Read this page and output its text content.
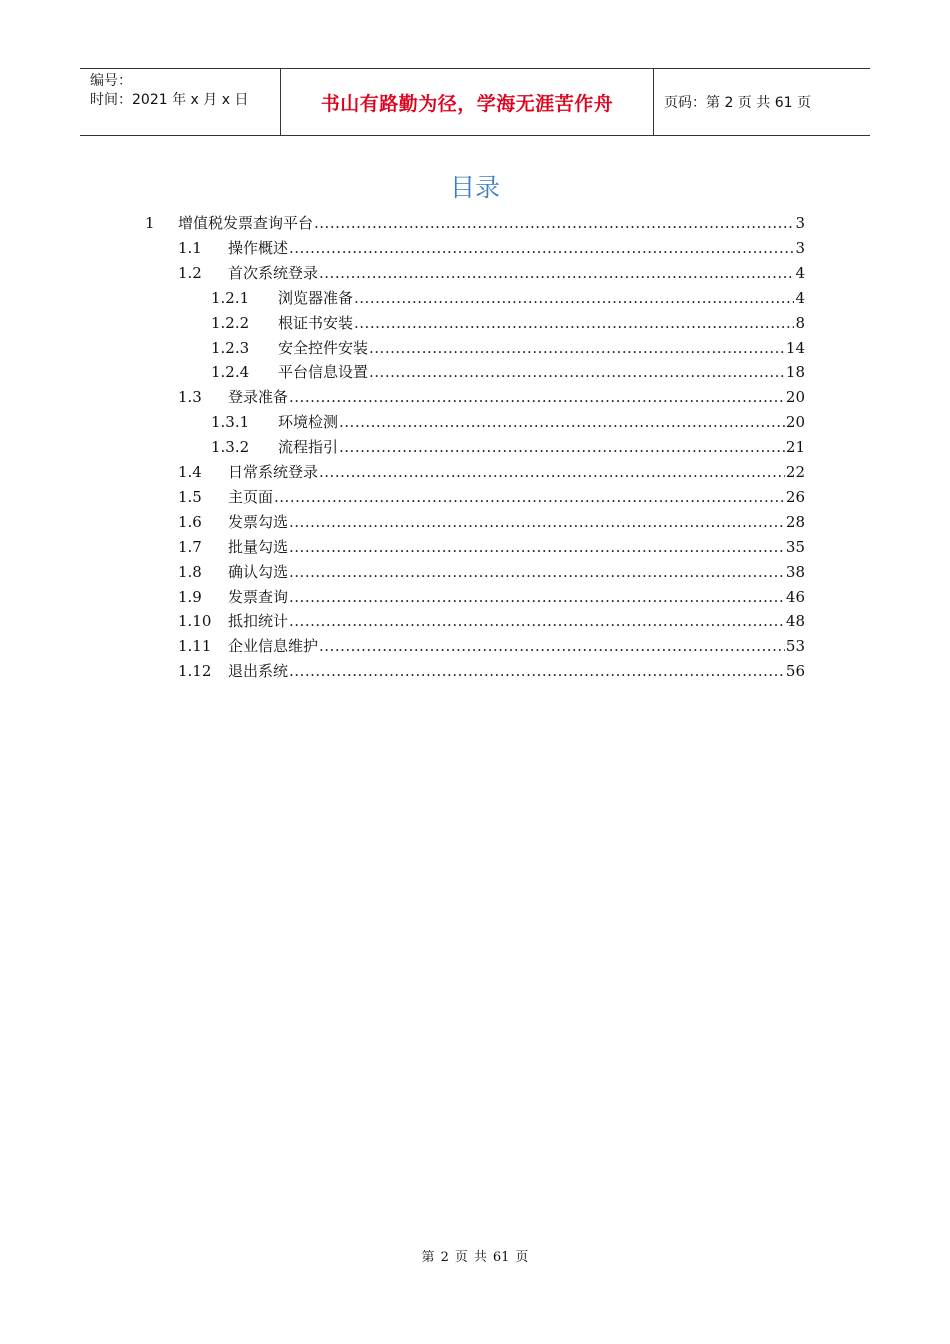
编号：
时间：2021 年 x 月 x 日	书山有路勤为径，学海无涯苦作舟	页码：第 2 页 共 61 页
目录
1	增值税发票查询平台 .....	3
1.1	操作概述 .....	3
1.2	首次系统登录 .....	4
1.2.1	浏览器准备 .....	4
1.2.2	根证书安装 .....	8
1.2.3	安全控件安装 .....	14
1.2.4	平台信息设置 .....	18
1.3	登录准备 .....	20
1.3.1	环境检测 .....	20
1.3.2	流程指引 .....	21
1.4	日常系统登录 .....	22
1.5	主页面 .....	26
1.6	发票勾选 .....	28
1.7	批量勾选 .....	35
1.8	确认勾选 .....	38
1.9	发票查询 .....	46
1.10	抵扣统计 .....	48
1.11	企业信息维护 .....	53
1.12	退出系统 .....	56
第 2 页 共 61 页
